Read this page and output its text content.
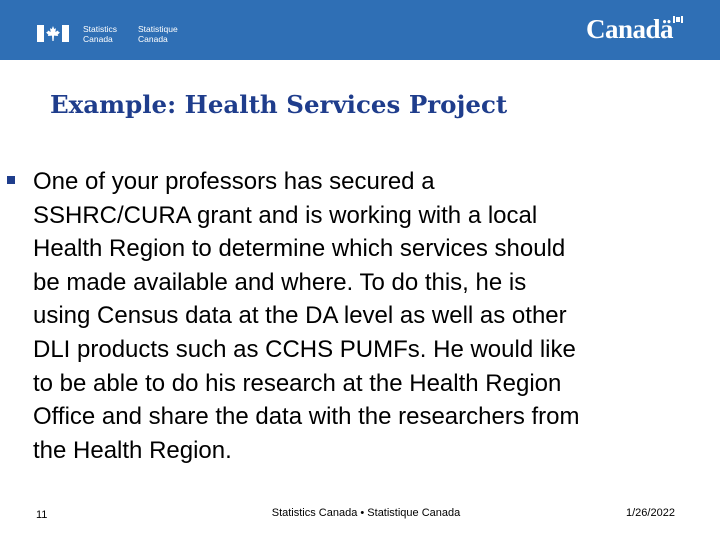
Statistics
Canada
Statistique
Canada	Canadä
Example: Health Services Project
One of your professors has secured a
SSHRC/CURA grant and is working with a local
Health Region to determine which services should
be made available and where. To do this, he is
using Census data at the DA level as well as other
DLI products such as CCHS PUMFs. He would like
to be able to do his research at the Health Region
Office and share the data with the researchers from
the Health Region.
11	Statistics Canada • Statistique Canada	1/26/2022
